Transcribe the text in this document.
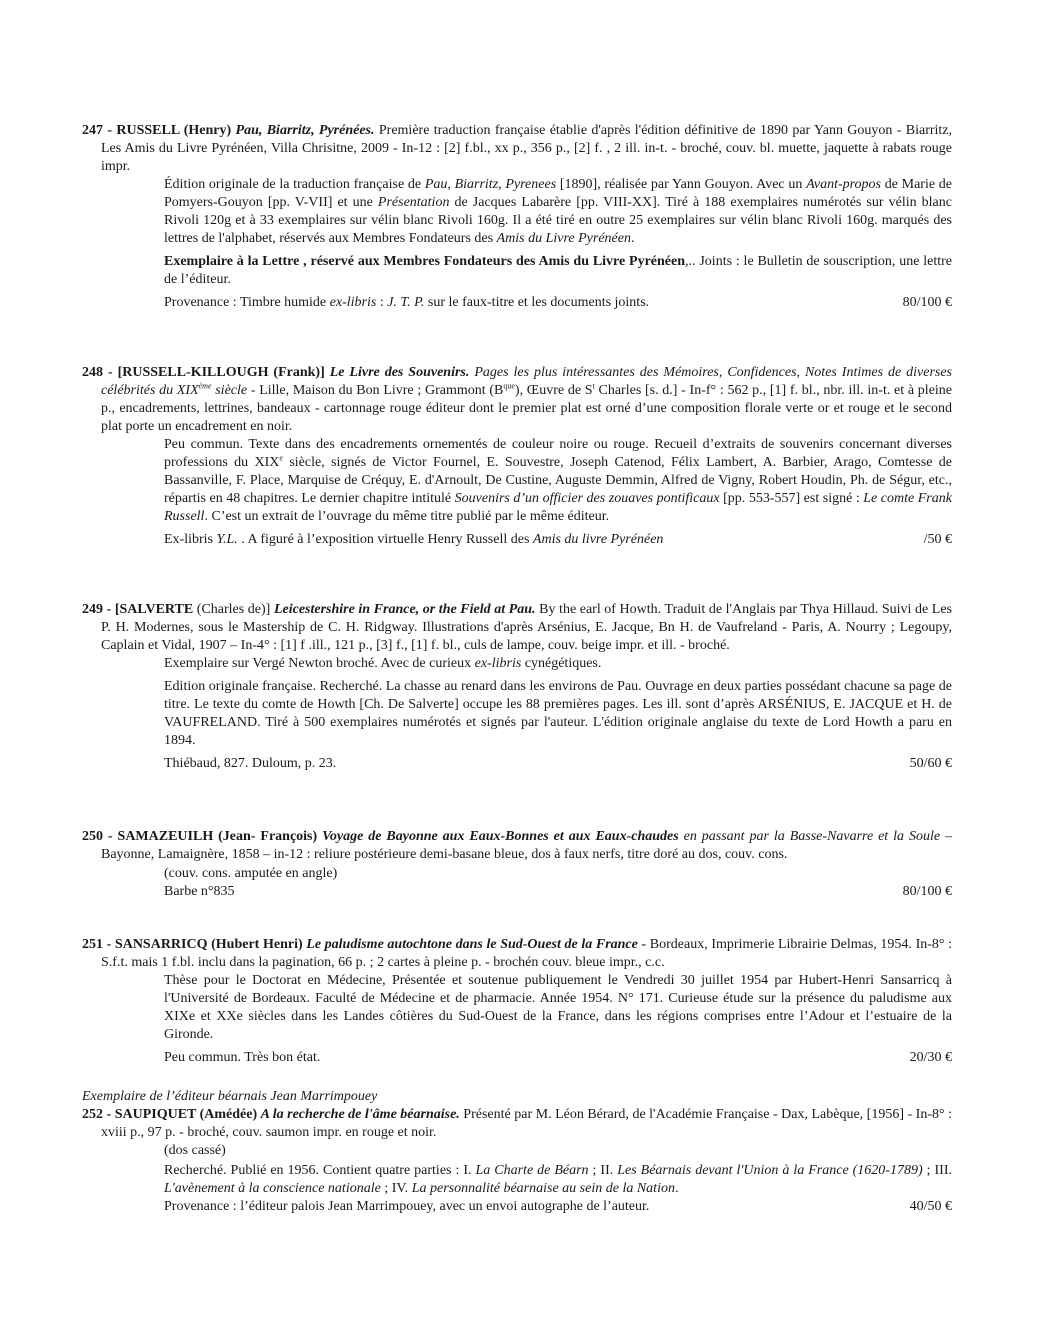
247 - RUSSELL (Henry) Pau, Biarritz, Pyrénées. Première traduction française établie d'après l'édition définitive de 1890 par Yann Gouyon - Biarritz, Les Amis du Livre Pyrénéen, Villa Chrisitne, 2009 - In-12 : [2] f.bl., xx p., 356 p., [2] f. , 2 ill. in-t. - broché, couv. bl. muette, jaquette à rabats rouge impr.

Édition originale de la traduction française de Pau, Biarritz, Pyrenees [1890], réalisée par Yann Gouyon. Avec un Avant-propos de Marie de Pomyers-Gouyon [pp. V-VII] et une Présentation de Jacques Labarère [pp. VIII-XX]. Tiré à 188 exemplaires numérotés sur vélin blanc Rivoli 120g et à 33 exemplaires sur vélin blanc Rivoli 160g. Il a été tiré en outre 25 exemplaires sur vélin blanc Rivoli 160g. marqués des lettres de l'alphabet, réservés aux Membres Fondateurs des Amis du Livre Pyrénéen.

Exemplaire à la Lettre , réservé aux Membres Fondateurs des Amis du Livre Pyrénéen,.. Joints : le Bulletin de souscription, une lettre de l’éditeur.

Provenance : Timbre humide ex-libris : J. T. P. sur le faux-titre et les documents joints.	80/100 €

248 - [RUSSELL-KILLOUGH (Frank)] Le Livre des Souvenirs. Pages les plus intéressantes des Mémoires, Confidences, Notes Intimes de diverses célébrités du XIXème siècle - Lille, Maison du Bon Livre ; Grammont $(B^{que})$, Œuvre de $S^t$ Charles [s. d.] - In-f° : 562 p., [1] f. bl., nbr. ill. in-t. et à pleine p., encadrements, lettrines, bandeaux - cartonnage rouge éditeur dont le premier plat est orné d’une composition florale verte or et rouge et le second plat porte un encadrement en noir.

Peu commun. Texte dans des encadrements ornementés de couleur noire ou rouge. Recueil d’extraits de souvenirs concernant diverses professions du XIXe siècle, signés de Victor Fournel, E. Souvestre, Joseph Catenod, Félix Lambert, A. Barbier, Arago, Comtesse de Bassanville, F. Place, Marquise de Créquy, E. d'Arnoult, De Custine, Auguste Demmin, Alfred de Vigny, Robert Houdin, Ph. de Ségur, etc., répartis en 48 chapitres. Le dernier chapitre intitulé Souvenirs d’un officier des zouaves pontificaux [pp. 553-557] est signé : Le comte Frank Russell. C’est un extrait de l’ouvrage du même titre publié par le même éditeur.

Ex-libris Y.L. . A figuré à l’exposition virtuelle Henry Russell des Amis du livre Pyrénéen	/50 €

249 - [SALVERTE (Charles de)] Leicestershire in France, or the Field at Pau. By the earl of Howth. Traduit de l'Anglais par Thya Hillaud. Suivi de Les P. H. Modernes, sous le Mastership de C. H. Ridgway. Illustrations d'après Arsénius, E. Jacque, Bn H. de Vaufreland - Paris, A. Nourry ; Legoupy, Caplain et Vidal, 1907 – In-4° : [1] f .ill., 121 p., [3] f., [1] f. bl., culs de lampe, couv. beige impr. et ill. - broché.

Exemplaire sur Vergé Newton broché. Avec de curieux ex-libris cynégétiques.

Edition originale française. Recherché. La chasse au renard dans les environs de Pau. Ouvrage en deux parties possédant chacune sa page de titre. Le texte du comte de Howth [Ch. De Salverte] occupe les 88 premières pages. Les ill. sont d’après ARSÉNIUS, E. JACQUE et H. de VAUFRELAND. Tiré à 500 exemplaires numérotés et signés par l'auteur. L'édition originale anglaise du texte de Lord Howth a paru en 1894.

Thiébaud, 827. Duloum, p. 23.	50/60 €

250 - SAMAZEUILH (Jean- François) Voyage de Bayonne aux Eaux-Bonnes et aux Eaux-chaudes en passant par la Basse-Navarre et la Soule – Bayonne, Lamaignère, 1858 – in-12 : reliure postérieure demi-basane bleue, dos à faux nerfs, titre doré au dos, couv. cons.

(couv. cons. amputée en angle)

Barbe n°835	80/100 €

251 - SANSARRICQ (Hubert Henri) Le paludisme autochtone dans le Sud-Ouest de la France - Bordeaux, Imprimerie Librairie Delmas, 1954. In-8° : S.f.t. mais 1 f.bl. inclu dans la pagination, 66 p. ; 2 cartes à pleine p. - brochén couv. bleue impr., c.c.

Thèse pour le Doctorat en Médecine, Présentée et soutenue publiquement le Vendredi 30 juillet 1954 par Hubert-Henri Sansarricq à l'Université de Bordeaux. Faculté de Médecine et de pharmacie. Année 1954. N° 171. Curieuse étude sur la présence du paludisme aux XIXe et XXe siècles dans les Landes côtières du Sud-Ouest de la France, dans les régions comprises entre l’Adour et l’estuaire de la Gironde.

Peu commun. Très bon état.	20/30 €

Exemplaire de l’éditeur béarnais Jean Marrimpouey

252 - SAUPIQUET (Amédée) A la recherche de l'âme béarnaise. Présenté par M. Léon Bérard, de l'Académie Française - Dax, Labèque, [1956] - In-8° : xviii p., 97 p. - broché, couv. saumon impr. en rouge et noir.

(dos cassé)

Recherché. Publié en 1956. Contient quatre parties : I. La Charte de Béarn ; II. Les Béarnais devant l'Union à la France (1620-1789) ; III. L'avènement à la conscience nationale ; IV. La personnalité béarnaise au sein de la Nation.

Provenance : l’éditeur palois Jean Marrimpouey, avec un envoi autographe de l’auteur.	40/50 €
